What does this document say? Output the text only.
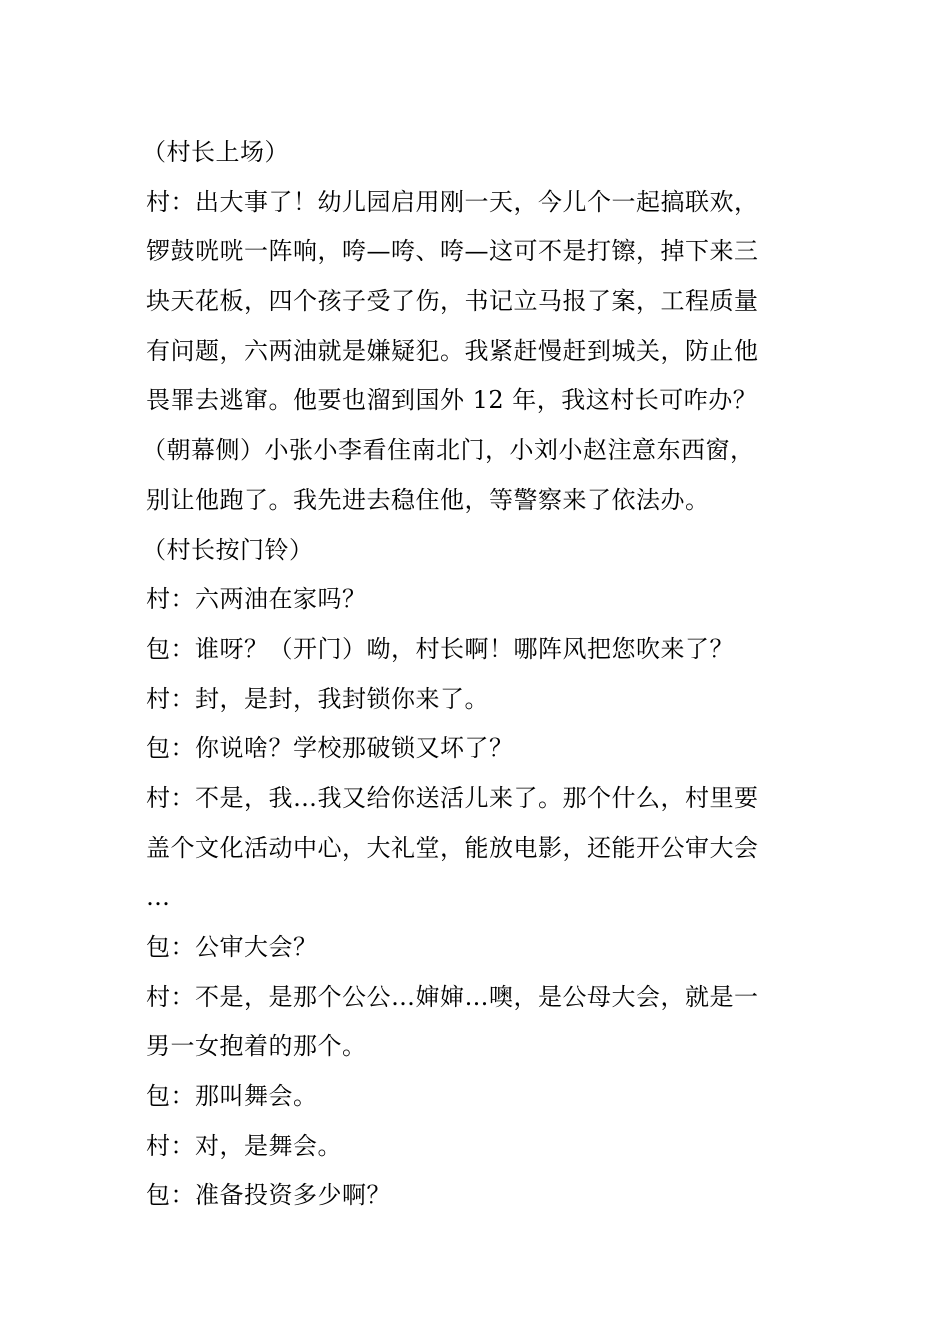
（村长上场）
村：出大事了！幼儿园启用刚一天，今儿个一起搞联欢，
锣鼓咣咣一阵响，咵—咵、咵—这可不是打镲，掉下来三
块天花板，四个孩子受了伤，书记立马报了案，工程质量
有问题，六两油就是嫌疑犯。我紧赶慢赶到城关，防止他
畏罪去逃窜。他要也溜到国外 12 年，我这村长可咋办？
（朝幕侧）小张小李看住南北门，小刘小赵注意东西窗，
别让他跑了。我先进去稳住他，等警察来了依法办。
（村长按门铃）
村：六两油在家吗？
包：谁呀？（开门）呦，村长啊！哪阵风把您吹来了？
村：封，是封，我封锁你来了。
包：你说啥？学校那破锁又坏了？
村：不是，我…我又给你送活儿来了。那个什么，村里要
盖个文化活动中心，大礼堂，能放电影，还能开公审大会
…
包：公审大会？
村：不是，是那个公公…婶婶…噢，是公母大会，就是一
男一女抱着的那个。
包：那叫舞会。
村：对，是舞会。
包：准备投资多少啊？
